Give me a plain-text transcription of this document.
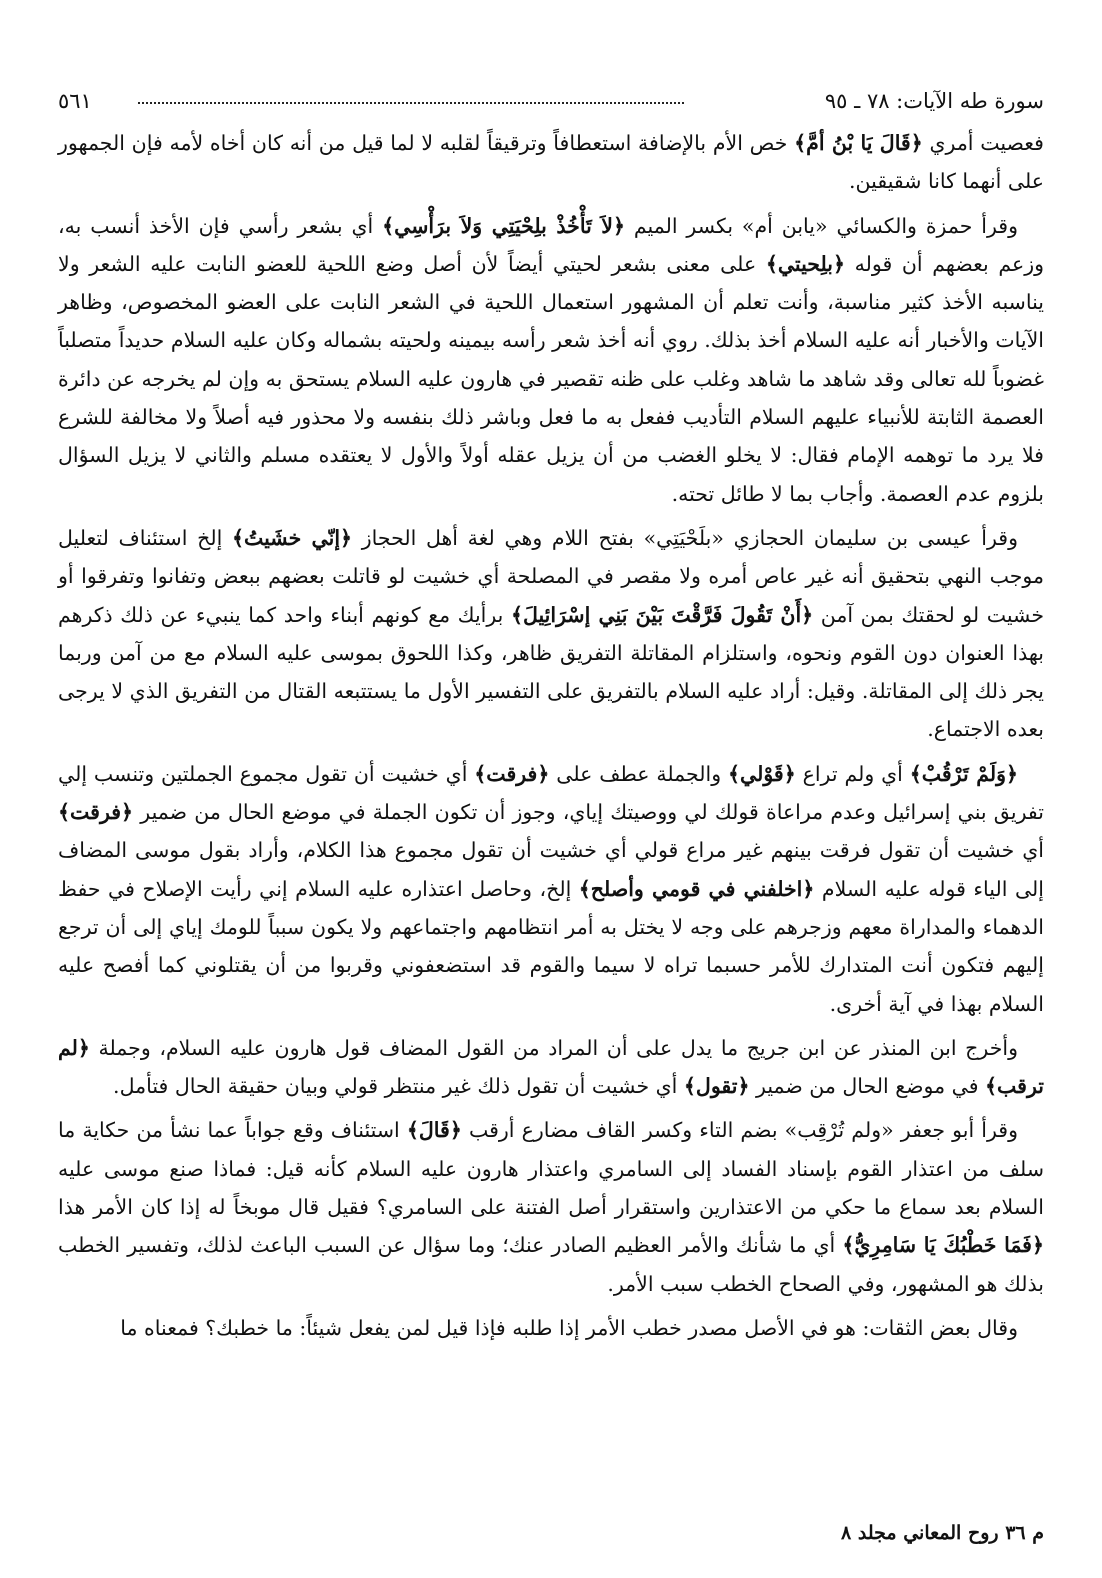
سورة طه الآيات: ٧٨ ـ ٩٥
٥٦١

فعصيت أمري ﴿قَالَ يَا بْنُ أمَّ﴾ خص الأم بالإضافة استعطافاً وترقيقاً لقلبه لا لما قيل من أنه كان أخاه لأمه فإن الجمهور على أنهما كانا شقيقين.

وقرأ حمزة والكسائي «يابن أم» بكسر الميم ﴿لاَ تَأْخُذْ بلِحْيَتِي وَلاَ برَأْسِي﴾ أي بشعر رأسي فإن الأخذ أنسب به، وزعم بعضهم أن قوله ﴿بلِحيتي﴾ على معنى بشعر لحيتي أيضاً لأن أصل وضع اللحية للعضو النابت عليه الشعر ولا يناسبه الأخذ كثير مناسبة، وأنت تعلم أن المشهور استعمال اللحية في الشعر النابت على العضو المخصوص، وظاهر الآيات والأخبار أنه عليه السلام أخذ بذلك. روي أنه أخذ شعر رأسه بيمينه ولحيته بشماله وكان عليه السلام حديداً متصلباً غضوباً لله تعالى وقد شاهد ما شاهد وغلب على ظنه تقصير في هارون عليه السلام يستحق به وإن لم يخرجه عن دائرة العصمة الثابتة للأنبياء عليهم السلام التأديب ففعل به ما فعل وباشر ذلك بنفسه ولا محذور فيه أصلاً ولا مخالفة للشرع فلا يرد ما توهمه الإمام فقال: لا يخلو الغضب من أن يزيل عقله أولاً والأول لا يعتقده مسلم والثاني لا يزيل السؤال بلزوم عدم العصمة. وأجاب بما لا طائل تحته.

وقرأ عيسى بن سليمان الحجازي «بلَحْيَتِي» بفتح اللام وهي لغة أهل الحجاز ﴿إنّي خشَيتُ﴾ إلخ استئناف لتعليل موجب النهي بتحقيق أنه غير عاص أمره ولا مقصر في المصلحة أي خشيت لو قاتلت بعضهم ببعض وتفانوا وتفرقوا أو خشيت لو لحقتك بمن آمن ﴿أَنْ تَقُولَ فَرَّقْتَ بَيْنَ بَنِي إسْرَائِيلَ﴾ برأيك مع كونهم أبناء واحد كما ينبيء عن ذلك ذكرهم بهذا العنوان دون القوم ونحوه، واستلزام المقاتلة التفريق ظاهر، وكذا اللحوق بموسى عليه السلام مع من آمن وربما يجر ذلك إلى المقاتلة. وقيل: أراد عليه السلام بالتفريق على التفسير الأول ما يستتبعه القتال من التفريق الذي لا يرجى بعده الاجتماع.

﴿وَلَمْ تَرْقُبْ﴾ أي ولم تراع ﴿قَوْلي﴾ والجملة عطف على ﴿فرقت﴾ أي خشيت أن تقول مجموع الجملتين وتنسب إلي تفريق بني إسرائيل وعدم مراعاة قولك لي ووصيتك إياي، وجوز أن تكون الجملة في موضع الحال من ضمير ﴿فرقت﴾ أي خشيت أن تقول فرقت بينهم غير مراع قولي أي خشيت أن تقول مجموع هذا الكلام، وأراد بقول موسى المضاف إلى الياء قوله عليه السلام ﴿اخلفني في قومي وأصلح﴾ إلخ، وحاصل اعتذاره عليه السلام إني رأيت الإصلاح في حفظ الدهماء والمداراة معهم وزجرهم على وجه لا يختل به أمر انتظامهم واجتماعهم ولا يكون سبباً للومك إياي إلى أن ترجع إليهم فتكون أنت المتدارك للأمر حسبما تراه لا سيما والقوم قد استضعفوني وقربوا من أن يقتلوني كما أفصح عليه السلام بهذا في آية أخرى.

وأخرج ابن المنذر عن ابن جريج ما يدل على أن المراد من القول المضاف قول هارون عليه السلام، وجملة ﴿لم ترقب﴾ في موضع الحال من ضمير ﴿تقول﴾ أي خشيت أن تقول ذلك غير منتظر قولي وبيان حقيقة الحال فتأمل.

وقرأ أبو جعفر «ولم تُرْقِب» بضم التاء وكسر القاف مضارع أرقب ﴿قَالَ﴾ استئناف وقع جواباً عما نشأ من حكاية ما سلف من اعتذار القوم بإسناد الفساد إلى السامري واعتذار هارون عليه السلام كأنه قيل: فماذا صنع موسى عليه السلام بعد سماع ما حكي من الاعتذارين واستقرار أصل الفتنة على السامري؟ فقيل قال موبخاً له إذا كان الأمر هذا ﴿فَمَا خَطْبُكَ يَا سَامِرِيُّ﴾ أي ما شأنك والأمر العظيم الصادر عنك؛ وما سؤال عن السبب الباعث لذلك، وتفسير الخطب بذلك هو المشهور، وفي الصحاح الخطب سبب الأمر.

وقال بعض الثقات: هو في الأصل مصدر خطب الأمر إذا طلبه فإذا قيل لمن يفعل شيئاً: ما خطبك؟ فمعناه ما

م ٣٦ روح المعاني مجلد ٨
